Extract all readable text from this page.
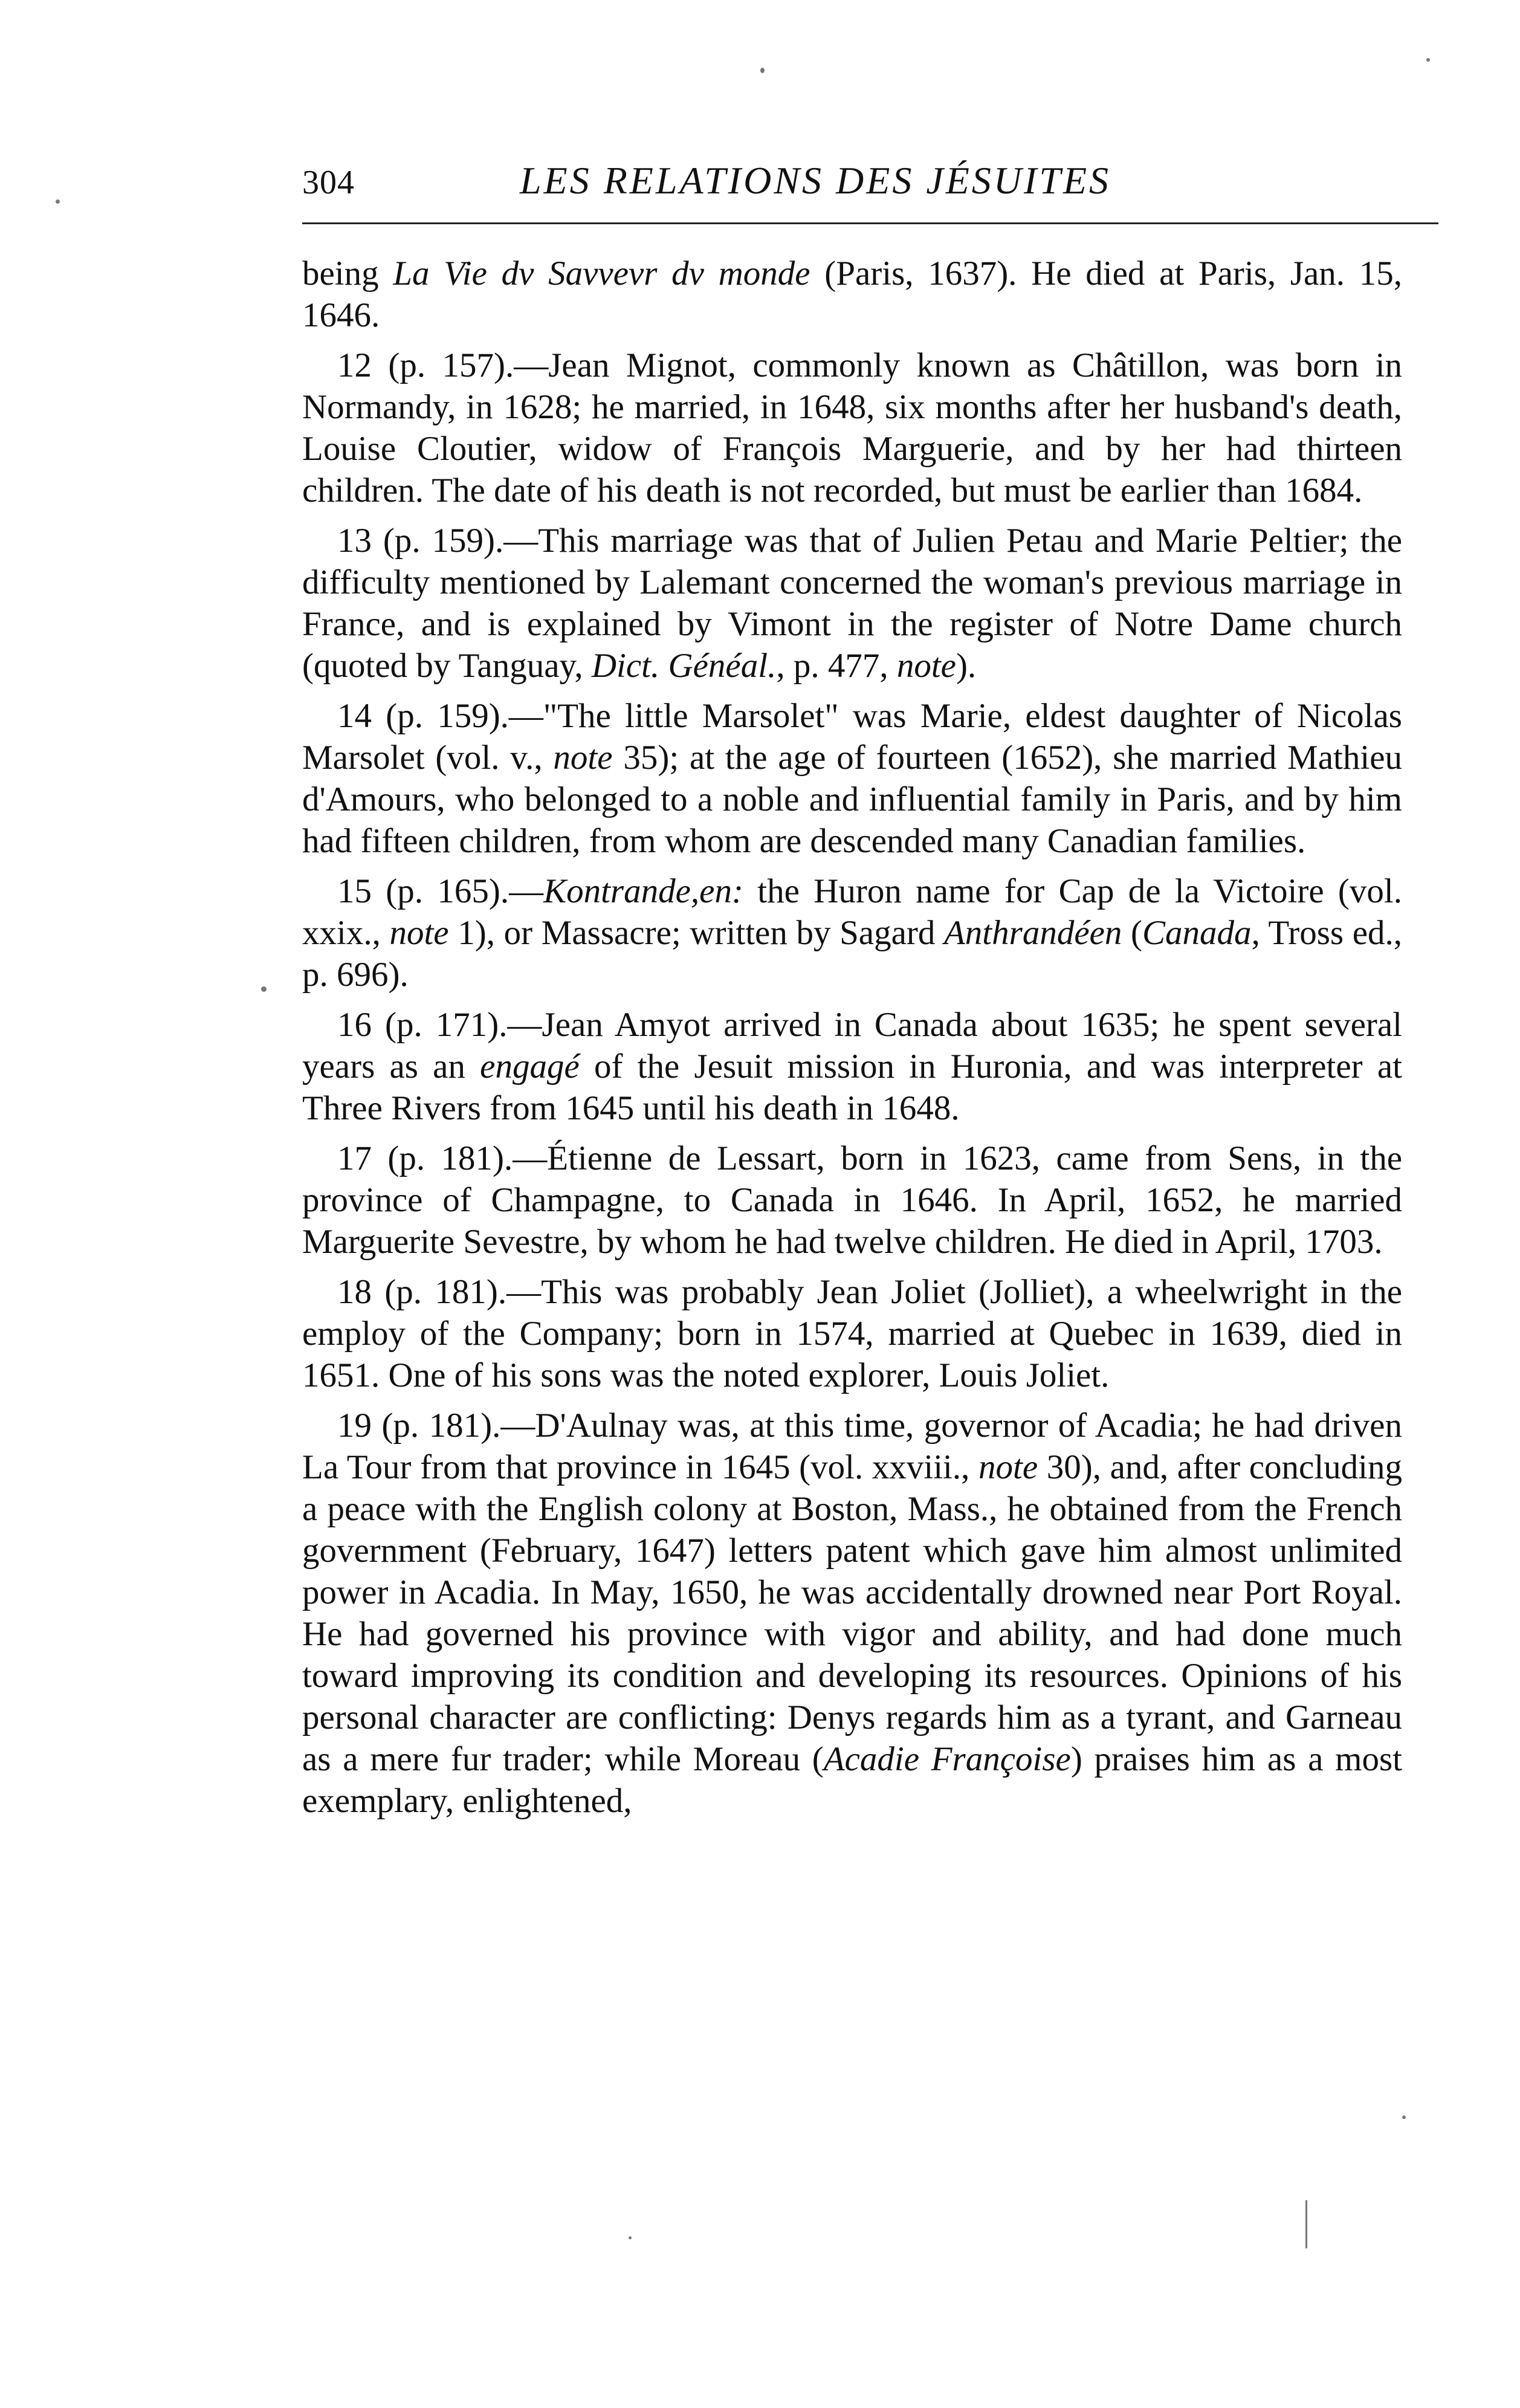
304	LES RELATIONS DES JÉSUITES

being La Vie dv Savvevr dv monde (Paris, 1637). He died at Paris, Jan. 15, 1646.

12 (p. 157).—Jean Mignot, commonly known as Châtillon, was born in Normandy, in 1628; he married, in 1648, six months after her husband's death, Louise Cloutier, widow of François Marguerie, and by her had thirteen children. The date of his death is not recorded, but must be earlier than 1684.

13 (p. 159).—This marriage was that of Julien Petau and Marie Peltier; the difficulty mentioned by Lalemant concerned the woman's previous marriage in France, and is explained by Vimont in the register of Notre Dame church (quoted by Tanguay, Dict. Généal., p. 477, note).

14 (p. 159).—"The little Marsolet" was Marie, eldest daughter of Nicolas Marsolet (vol. v., note 35); at the age of fourteen (1652), she married Mathieu d'Amours, who belonged to a noble and influential family in Paris, and by him had fifteen children, from whom are descended many Canadian families.

15 (p. 165).—Kontrande,en: the Huron name for Cap de la Victoire (vol. xxix., note 1), or Massacre; written by Sagard Anthrandéen (Canada, Tross ed., p. 696).

16 (p. 171).—Jean Amyot arrived in Canada about 1635; he spent several years as an engagé of the Jesuit mission in Huronia, and was interpreter at Three Rivers from 1645 until his death in 1648.

17 (p. 181).—Étienne de Lessart, born in 1623, came from Sens, in the province of Champagne, to Canada in 1646. In April, 1652, he married Marguerite Sevestre, by whom he had twelve children. He died in April, 1703.

18 (p. 181).—This was probably Jean Joliet (Jolliet), a wheelwright in the employ of the Company; born in 1574, married at Quebec in 1639, died in 1651. One of his sons was the noted explorer, Louis Joliet.

19 (p. 181).—D'Aulnay was, at this time, governor of Acadia; he had driven La Tour from that province in 1645 (vol. xxviii., note 30), and, after concluding a peace with the English colony at Boston, Mass., he obtained from the French government (February, 1647) letters patent which gave him almost unlimited power in Acadia. In May, 1650, he was accidentally drowned near Port Royal. He had governed his province with vigor and ability, and had done much toward improving its condition and developing its resources. Opinions of his personal character are conflicting: Denys regards him as a tyrant, and Garneau as a mere fur trader; while Moreau (Acadie Françoise) praises him as a most exemplary, enlightened,
